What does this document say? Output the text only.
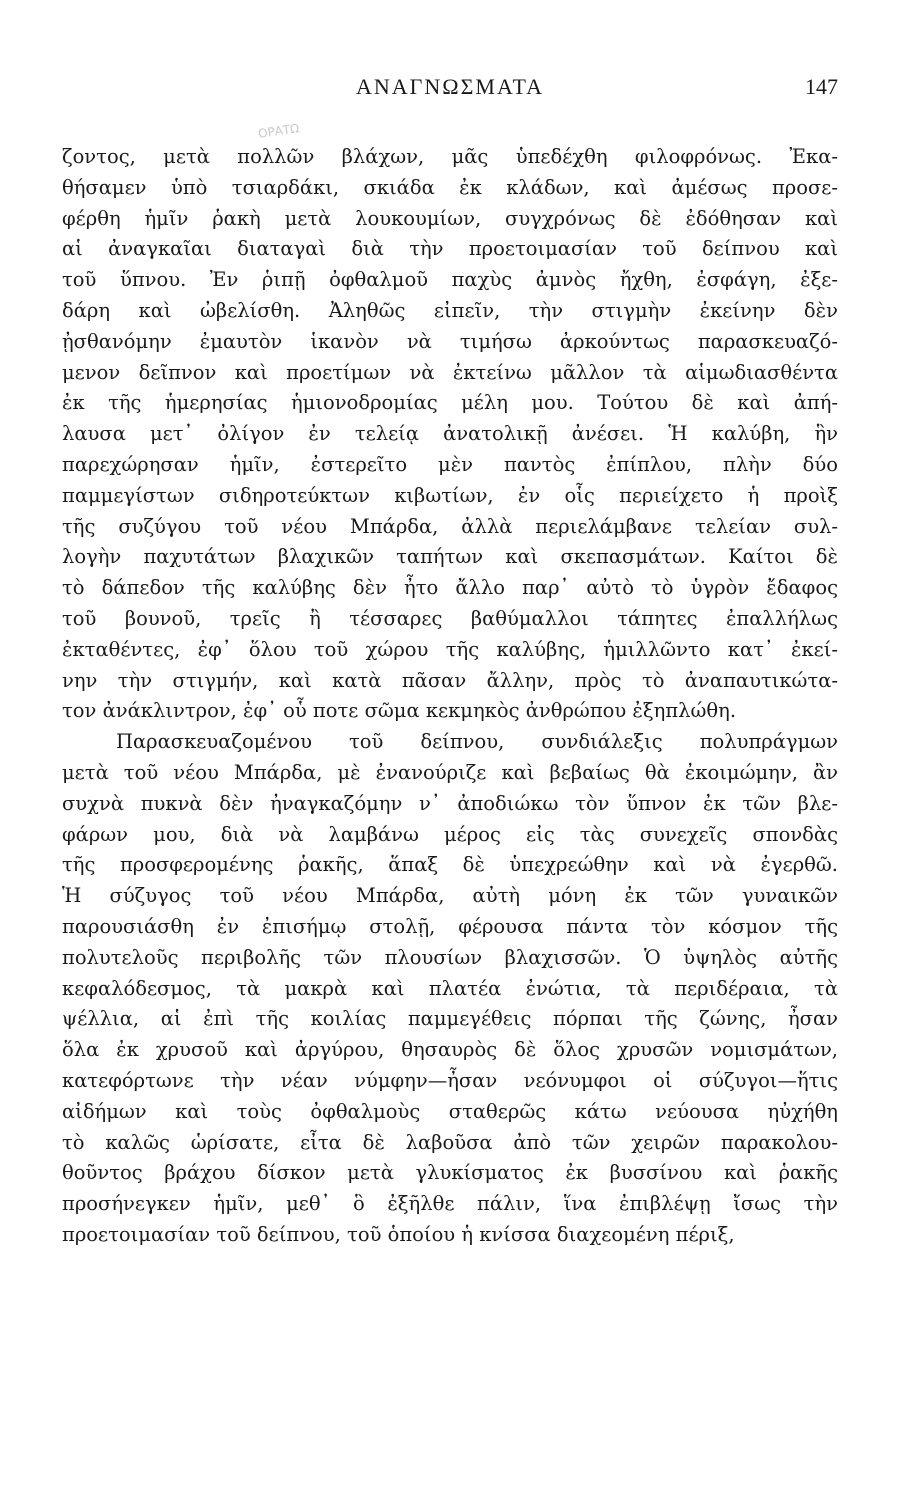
ΟΡΑΤΩ
ΑΝΑΓΝΩΣΜΑΤΑ	147
ζοντος, μετὰ πολλῶν βλάχων, μᾶς ὑπεδέχθη φιλοφρόνως. Ἐκα-
θήσαμεν ὑπὸ τσιαρδάκι, σκιάδα ἐκ κλάδων, καὶ ἀμέσως προσε-
φέρθη ἡμῖν ῥακὴ μετὰ λουκουμίων, συγχρόνως δὲ ἐδόθησαν καὶ
αἱ ἀναγκαῖαι διαταγαὶ διὰ τὴν προετοιμασίαν τοῦ δείπνου καὶ
τοῦ ὕπνου. Ἐν ῥιπῇ ὀφθαλμοῦ παχὺς ἀμνὸς ἤχθη, ἐσφάγη, ἐξε-
δάρη καὶ ὠβελίσθη. Ἀληθῶς εἰπεῖν, τὴν στιγμὴν ἐκείνην δὲν
ᾐσθανόμην ἐμαυτὸν ἱκανὸν νὰ τιμήσω ἀρκούντως παρασκευαζό-
μενον δεῖπνον καὶ προετίμων νὰ ἐκτείνω μᾶλλον τὰ αἱμωδιασθέντα
ἐκ τῆς ἡμερησίας ἡμιονοδρομίας μέλη μου. Τούτου δὲ καὶ ἀπή-
λαυσα μετ᾽ ὀλίγον ἐν τελείᾳ ἀνατολικῇ ἀνέσει. Ἡ καλύβη, ἣν
παρεχώρησαν ἡμῖν, ἐστερεῖτο μὲν παντὸς ἐπίπλου, πλὴν δύο
παμμεγίστων σιδηροτεύκτων κιβωτίων, ἐν οἷς περιείχετο ἡ προὶξ
τῆς συζύγου τοῦ νέου Μπάρδα, ἀλλὰ περιελάμβανε τελείαν συλ-
λογὴν παχυτάτων βλαχικῶν ταπήτων καὶ σκεπασμάτων. Καίτοι δὲ
τὸ δάπεδον τῆς καλύβης δὲν ἦτο ἄλλο παρ᾽ αὐτὸ τὸ ὑγρὸν ἔδαφος
τοῦ βουνοῦ, τρεῖς ἢ τέσσαρες βαθύμαλλοι τάπητες ἐπαλλήλως
ἐκταθέντες, ἐφ᾽ ὅλου τοῦ χώρου τῆς καλύβης, ἡμιλλῶντο κατ᾽ ἐκεί-
νην τὴν στιγμήν, καὶ κατὰ πᾶσαν ἄλλην, πρὸς τὸ ἀναπαυτικώτα-
τον ἀνάκλιντρον, ἐφ᾽ οὗ ποτε σῶμα κεκμηκὸς ἀνθρώπου ἐξηπλώθη.
Παρασκευαζομένου τοῦ δείπνου, συνδιάλεξις πολυπράγμων
μετὰ τοῦ νέου Μπάρδα, μὲ ἐνανούριζε καὶ βεβαίως θὰ ἐκοιμώμην, ἂν
συχνὰ πυκνὰ δὲν ἠναγκαζόμην ν᾽ ἀποδιώκω τὸν ὕπνον ἐκ τῶν βλε-
φάρων μου, διὰ νὰ λαμβάνω μέρος εἰς τὰς συνεχεῖς σπονδὰς
τῆς προσφερομένης ῥακῆς, ἅπαξ δὲ ὑπεχρεώθην καὶ νὰ ἐγερθῶ.
Ἡ σύζυγος τοῦ νέου Μπάρδα, αὐτὴ μόνη ἐκ τῶν γυναικῶν
παρουσιάσθη ἐν ἐπισήμῳ στολῇ, φέρουσα πάντα τὸν κόσμον τῆς
πολυτελοῦς περιβολῆς τῶν πλουσίων βλαχισσῶν. Ὁ ὑψηλὸς αὐτῆς
κεφαλόδεσμος, τὰ μακρὰ καὶ πλατέα ἐνώτια, τὰ περιδέραια, τὰ
ψέλλια, αἱ ἐπὶ τῆς κοιλίας παμμεγέθεις πόρπαι τῆς ζώνης, ἦσαν
ὅλα ἐκ χρυσοῦ καὶ ἀργύρου, θησαυρὸς δὲ ὅλος χρυσῶν νομισμάτων,
κατεφόρτωνε τὴν νέαν νύμφην—ἦσαν νεόνυμφοι οἱ σύζυγοι—ἥτις
αἰδήμων καὶ τοὺς ὀφθαλμοὺς σταθερῶς κάτω νεύουσα ηὐχήθη
τὸ καλῶς ὡρίσατε, εἶτα δὲ λαβοῦσα ἀπὸ τῶν χειρῶν παρακολου-
θοῦντος βράχου δίσκον μετὰ γλυκίσματος ἐκ βυσσίνου καὶ ῥακῆς
προσήνεγκεν ἡμῖν, μεθ᾽ ὃ ἐξῆλθε πάλιν, ἵνα ἐπιβλέψῃ ἴσως τὴν
προετοιμασίαν τοῦ δείπνου, τοῦ ὁποίου ἡ κνίσσα διαχεομένη πέριξ,
